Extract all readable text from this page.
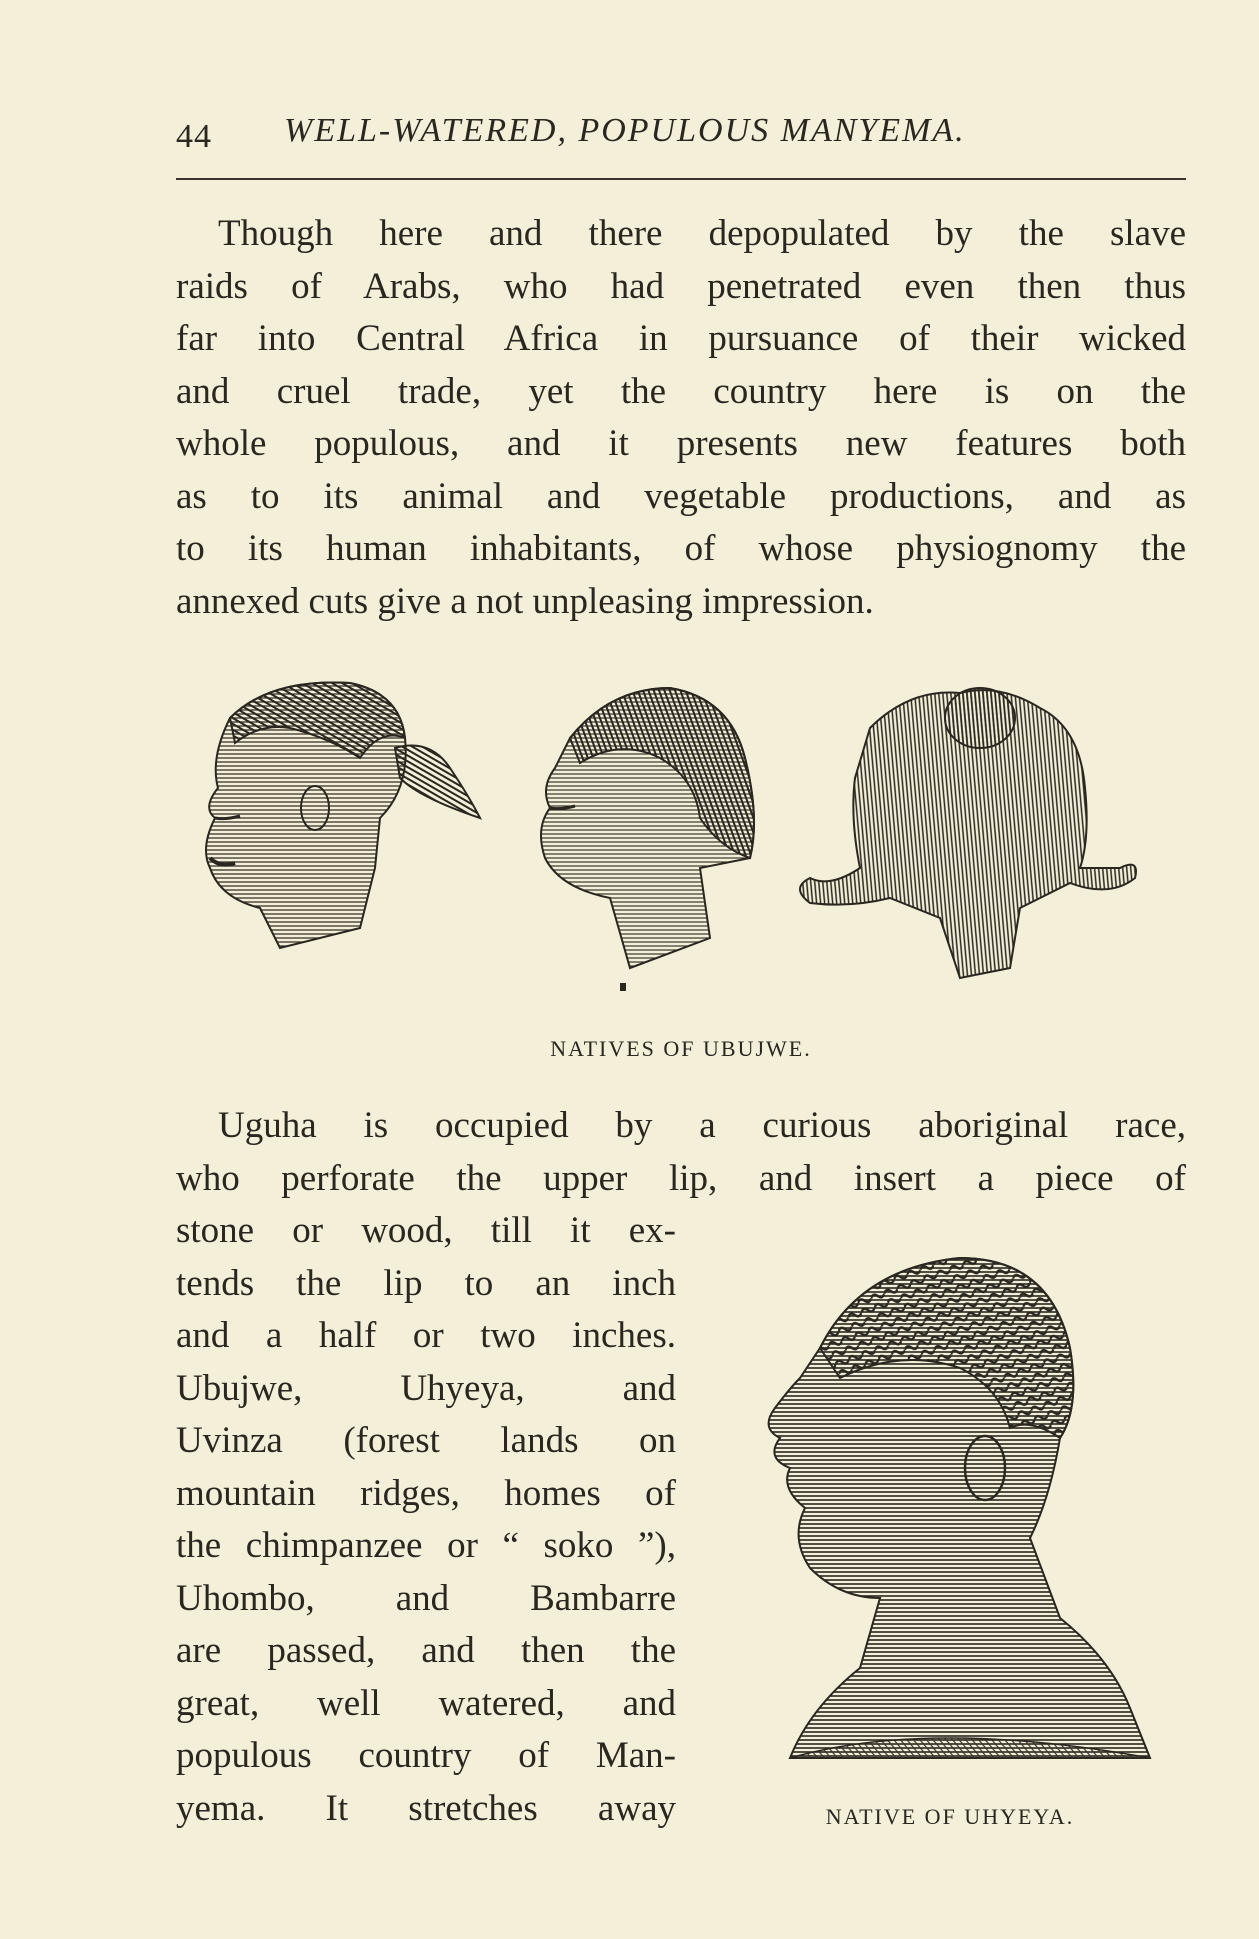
44 WELL-WATERED, POPULOUS MANYEMA.
Though here and there depopulated by the slave
raids of Arabs, who had penetrated even then thus
far into Central Africa in pursuance of their wicked
and cruel trade, yet the country here is on the
whole populous, and it presents new features both
as to its animal and vegetable productions, and as
to its human inhabitants, of whose physiognomy the
annexed cuts give a not unpleasing impression.
NATIVES OF UBUJWE.
Uguha is occupied by a curious aboriginal race,
who perforate the upper lip, and insert a piece of
stone or wood, till it ex-
tends the lip to an inch
and a half or two inches.
Ubujwe, Uhyeya, and
Uvinza (forest lands on
mountain ridges, homes of
the chimpanzee or “ soko ”),
Uhombo, and Bambarre
are passed, and then the
great, well watered, and
populous country of Man-
yema. It stretches away	NATIVE OF UHYEYA.
